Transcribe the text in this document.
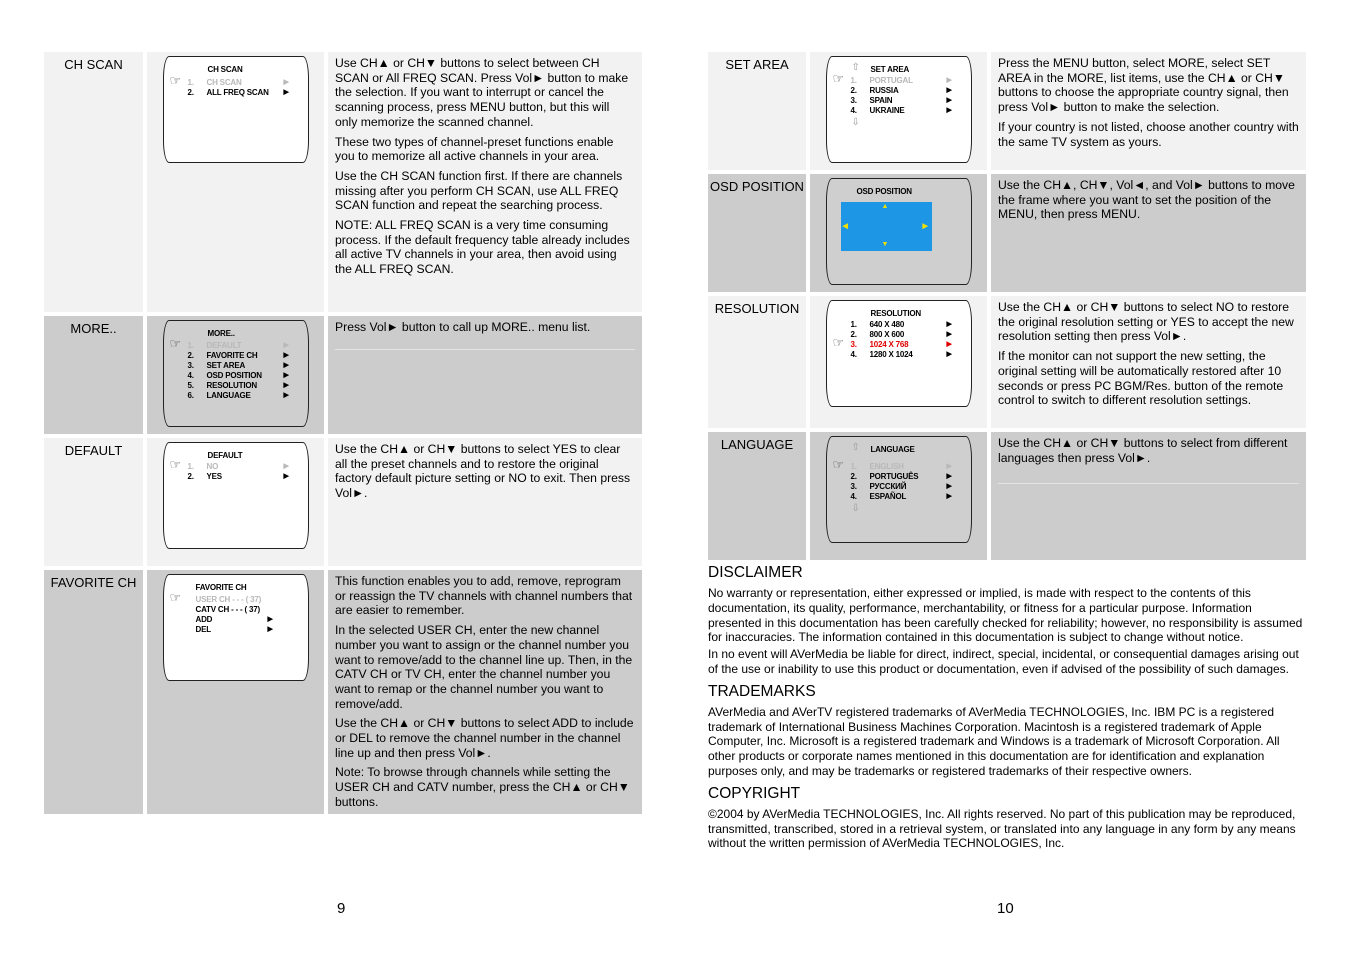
CH SCAN	CH SCAN
☞ 1. CH SCAN	▶
2. ALL FREQ SCAN ▶

Use CH▲ or CH▼ buttons to select between CH SCAN or All FREQ SCAN. Press Vol► button to make the selection. If you want to interrupt or cancel the scanning process, press MENU button, but this will only memorize the scanned channel.

These two types of channel-preset functions enable you to memorize all active channels in your area.

Use the CH SCAN function first. If there are channels missing after you perform CH SCAN, use ALL FREQ SCAN function and repeat the searching process.

NOTE: ALL FREQ SCAN is a very time consuming process. If the default frequency table already includes all active TV channels in your area, then avoid using the ALL FREQ SCAN.

MORE..	MORE..
☞ 1. DEFAULT	▶
2. FAVORITE CH	▶
3. SET AREA	▶
4. OSD POSITION	▶
5. RESOLUTION	▶
6. LANGUAGE	▶

Press Vol► button to call up MORE.. menu list.

DEFAULT	DEFAULT
☞ 1. NO	▶
2. YES	▶

Use the CH▲ or CH▼ buttons to select YES to clear all the preset channels and to restore the original factory default picture setting or NO to exit. Then press Vol►.

FAVORITE CH	FAVORITE CH
☞ USER CH - - - ( 37)
CATV CH - - - ( 37)
ADD	▶
DEL	▶

This function enables you to add, remove, reprogram or reassign the TV channels with channel numbers that are easier to remember.

In the selected USER CH, enter the new channel number you want to assign or the channel number you want to remove/add to the channel line up. Then, in the CATV CH or TV CH, enter the channel number you want to remap or the channel number you want to remove/add.

Use the CH▲ or CH▼ buttons to select ADD to include or DEL to remove the channel number in the channel line up and then press Vol►.

Note: To browse through channels while setting the USER CH and CATV number, press the CH▲ or CH▼ buttons.

9
SET AREA	⇧ SET AREA
☞ 1. PORTUGAL	▶
2. RUSSIA	▶
3. SPAIN	▶
4. UKRAINE	▶
⇩

Press the MENU button, select MORE, select SET AREA in the MORE, list items, use the CH▲ or CH▼ buttons to choose the appropriate country signal, then press Vol► button to make the selection.

If your country is not listed, choose another country with the same TV system as yours.

OSD POSITION	OSD POSITION
▲
▼
◀	▶

Use the CH▲, CH▼, Vol◄, and Vol► buttons to move the frame where you want to set the position of the MENU, then press MENU.

RESOLUTION	RESOLUTION
1. 640 X 480	▶
2. 800 X 600	▶
☞ 3. 1024 X 768	▶
4. 1280 X 1024	▶

Use the CH▲ or CH▼ buttons to select NO to restore the original resolution setting or YES to accept the new resolution setting then press Vol►.

If the monitor can not support the new setting, the original setting will be automatically restored after 10 seconds or press PC BGM/Res. button of the remote control to switch to different resolution settings.

LANGUAGE	⇧ LANGUAGE
☞ 1. ENGLISH	▶
2. PORTUGUÊS	▶
3. РУССКИЙ	▶
4. ESPAÑOL	▶
⇩

Use the CH▲ or CH▼ buttons to select from different languages then press Vol►.

DISCLAIMER

No warranty or representation, either expressed or implied, is made with respect to the contents of this documentation, its quality, performance, merchantability, or fitness for a particular purpose. Information presented in this documentation has been carefully checked for reliability; however, no responsibility is assumed for inaccuracies. The information contained in this documentation is subject to change without notice.

In no event will AVerMedia be liable for direct, indirect, special, incidental, or consequential damages arising out of the use or inability to use this product or documentation, even if advised of the possibility of such damages.

TRADEMARKS

AVerMedia and AVerTV registered trademarks of AVerMedia TECHNOLOGIES, Inc. IBM PC is a registered trademark of International Business Machines Corporation. Macintosh is a registered trademark of Apple Computer, Inc. Microsoft is a registered trademark and Windows is a trademark of Microsoft Corporation. All other products or corporate names mentioned in this documentation are for identification and explanation purposes only, and may be trademarks or registered trademarks of their respective owners.

COPYRIGHT

©2004 by AVerMedia TECHNOLOGIES, Inc. All rights reserved. No part of this publication may be reproduced, transmitted, transcribed, stored in a retrieval system, or translated into any language in any form by any means without the written permission of AVerMedia TECHNOLOGIES, Inc.

10
